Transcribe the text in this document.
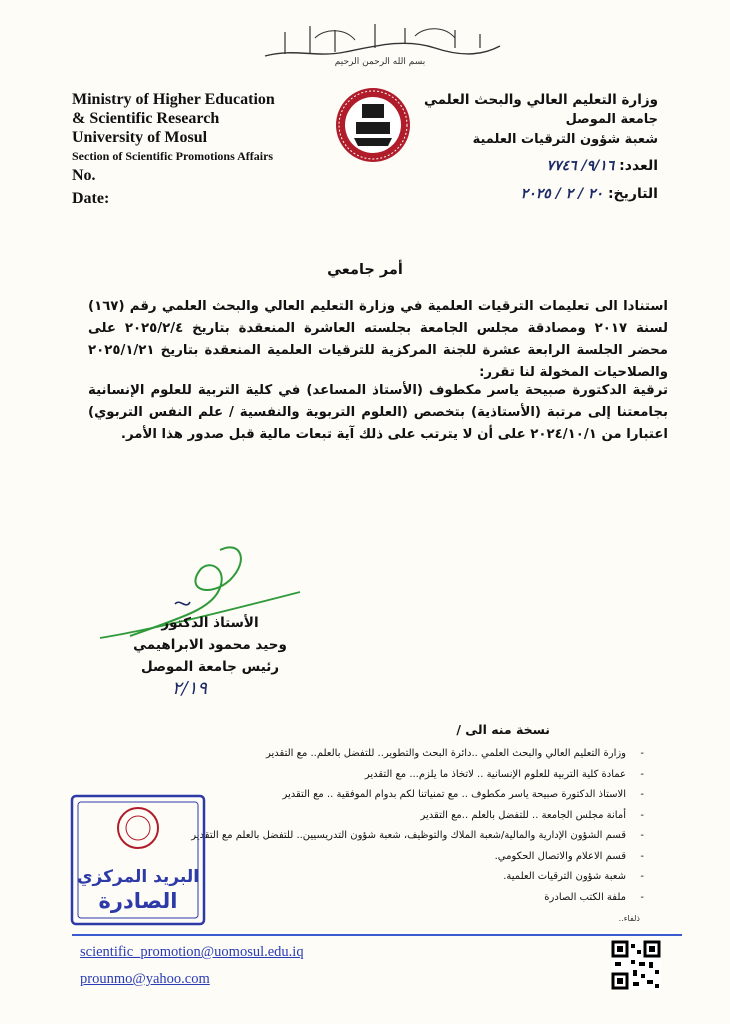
بسم الله الرحمن الرحيم
Ministry of Higher Education
& Scientific Research
University of Mosul
Section of Scientific Promotions Affairs
No.
Date:
وزارة التعليم العالي والبحث العلمي
جامعة الموصل
شعبة شؤون الترقيات العلمية
العدد: ٩/١٦/ ٧٧٤٦
التاريخ: ٢٠ / ٢ / ٢٠٢٥
أمر جامعي
استنادا الى تعليمات الترقيات العلمية في وزارة التعليم العالي والبحث العلمي رقم (١٦٧) لسنة ٢٠١٧ ومصادقة مجلس الجامعة بجلسته العاشرة المنعقدة بتاريخ ٢٠٢٥/٢/٤ على محضر الجلسة الرابعة عشرة للجنة المركزية للترقيات العلمية المنعقدة بتاريخ ٢٠٢٥/١/٢١ والصلاحيات المخولة لنا تقرر:
ترقية الدكتورة صبيحة ياسر مكطوف (الأستاذ المساعد) في كلية التربية للعلوم الإنسانية بجامعتنا إلى مرتبة (الأستاذية) بتخصص (العلوم التربوية والنفسية / علم النفس التربوي) اعتبارا من ٢٠٢٤/١٠/١ على أن لا يترتب على ذلك آية تبعات مالية قبل صدور هذا الأمر.
الأستاذ الدكتور
وحيد محمود الابراهيمي
رئيس جامعة الموصل
٢/١٩
نسخة منه الى /
-
وزارة التعليم العالي والبحث العلمي ..دائرة البحث والتطوير.. للتفضل بالعلم.. مع التقدير
-
عمادة كلية التربية للعلوم الإنسانية .. لاتخاذ ما يلزم... مع التقدير
-
الاستاذ الدكتورة صبيحة ياسر مكطوف .. مع تمنياتنا لكم بدوام الموفقية .. مع التقدير
-
أمانة مجلس الجامعة .. للتفضل بالعلم ..مع التقدير
-
قسم الشؤون الإدارية والمالية/شعبة الملاك والتوظيف، شعبة شؤون التدريسيين.. للتفضل بالعلم مع التقدير
-
قسم الاعلام والاتصال الحكومي.
-
شعبة شؤون الترقيات العلمية.
-
ملفة الكتب الصادرة
ذلفاء..
البريد المركزي
الصادرة
scientific_promotion@uomosul.edu.iq
prounmo@yahoo.com
